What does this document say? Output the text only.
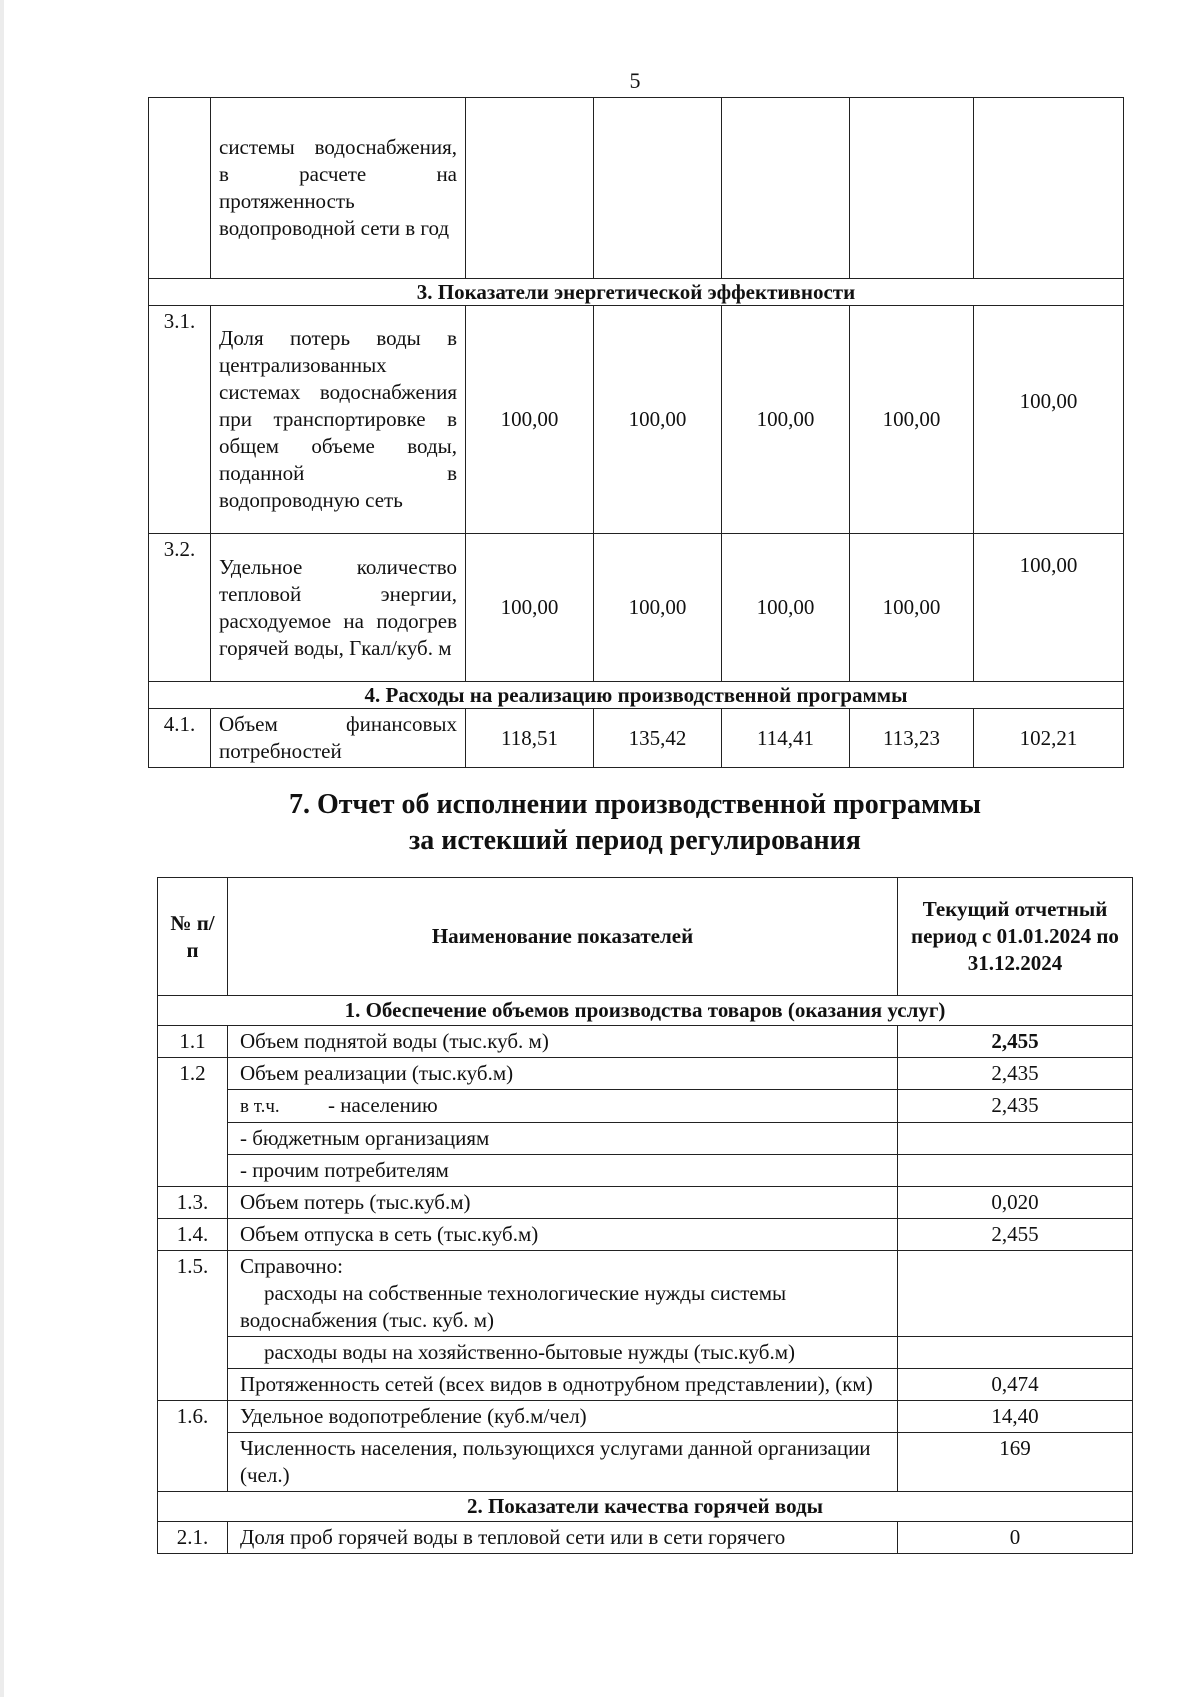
5
	системы водоснабжения, в расчете на протяженность водопроводной сети в год					
3. Показатели энергетической эффективности						
3.1.	Доля потерь воды в централизованных системах водоснабжения при транспортировке в общем объеме воды, поданной в водопроводную сеть	100,00	100,00	100,00	100,00	100,00
3.2.	Удельное количество тепловой энергии, расходуемое на подогрев горячей воды, Гкал/куб. м	100,00	100,00	100,00	100,00	100,00
4. Расходы на реализацию производственной программы						
4.1.	Объем финансовых потребностей	118,51	135,42	114,41	113,23	102,21
7. Отчет об исполнении производственной программы
за истекший период регулирования
№ п/п	Наименование показателей	Текущий отчетный период с 01.01.2024 по 31.12.2024
1. Обеспечение объемов производства товаров (оказания услуг)		
1.1	Объем поднятой воды (тыс.куб. м)	2,455
1.2	Объем реализации (тыс.куб.м)	2,435
	в т.ч. - населению	2,435
	- бюджетным организациям	
	- прочим потребителям	
1.3.	Объем потерь (тыс.куб.м)	0,020
1.4.	Объем отпуска в сеть (тыс.куб.м)	2,455
1.5.	Справочно:
расходы на собственные технологические нужды системы водоснабжения (тыс. куб. м)	

	расходы воды на хозяйственно-бытовые нужды (тыс.куб.м)	

	Протяженность сетей (всех видов в однотрубном представлении), (км)	0,474
1.6.	Удельное водопотребление (куб.м/чел)	14,40
	Численность населения, пользующихся услугами данной организации (чел.)	169
2. Показатели качества горячей воды		
2.1.	Доля проб горячей воды в тепловой сети или в сети горячего	0
